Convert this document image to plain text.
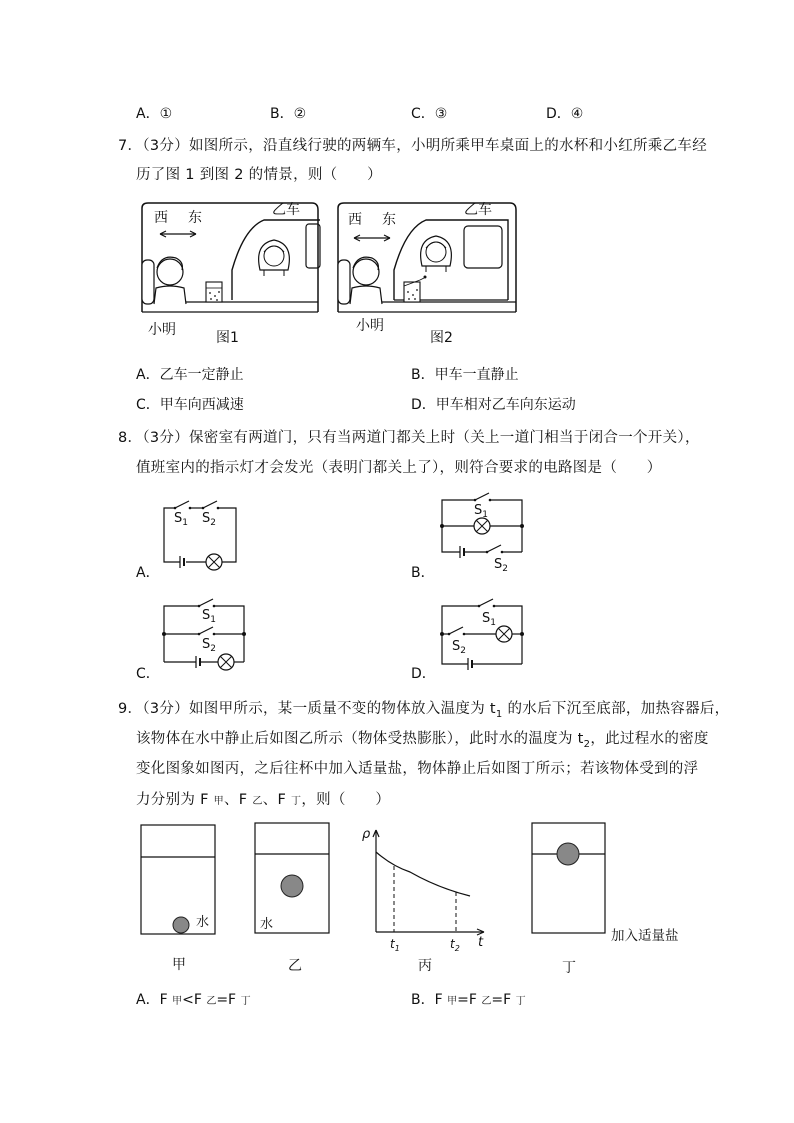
A．①	B．②	C．③	D．④
7．（3分）如图所示，沿直线行驶的两辆车，小明所乘甲车桌面上的水杯和小红所乘乙车经
历了图 1 到图 2 的情景，则（　　）
西 东	乙车
小明	图1
西 东
乙车
小明
图2
A．乙车一定静止	B．甲车一直静止
C．甲车向西减速	D．甲车相对乙车向东运动
8．（3分）保密室有两道门，只有当两道门都关上时（关上一道门相当于闭合一个开关），
值班室内的指示灯才会发光（表明门都关上了），则符合要求的电路图是（　　）
A．
$S_1$ $S_2$
B．
$S_1$
$S_2$
C．
$S_1$
$S_2$
D．
$S_1$
$S_2$
9．（3分）如图甲所示，某一质量不变的物体放入温度为 $t_1$ 的水后下沉至底部，加热容器后，
该物体在水中静止后如图乙所示（物体受热膨胀），此时水的温度为 $t_2$，此过程水的密度
变化图象如图丙，之后往杯中加入适量盐，物体静止后如图丁所示；若该物体受到的浮
力分别为 F 甲、F 乙、F 丁，则（　　）
水
甲
水
乙
ρ
t
$t_1$	$t_2$
丙	丁
加入适量盐
A．F 甲<F 乙=F 丁	B．F 甲=F 乙=F 丁
